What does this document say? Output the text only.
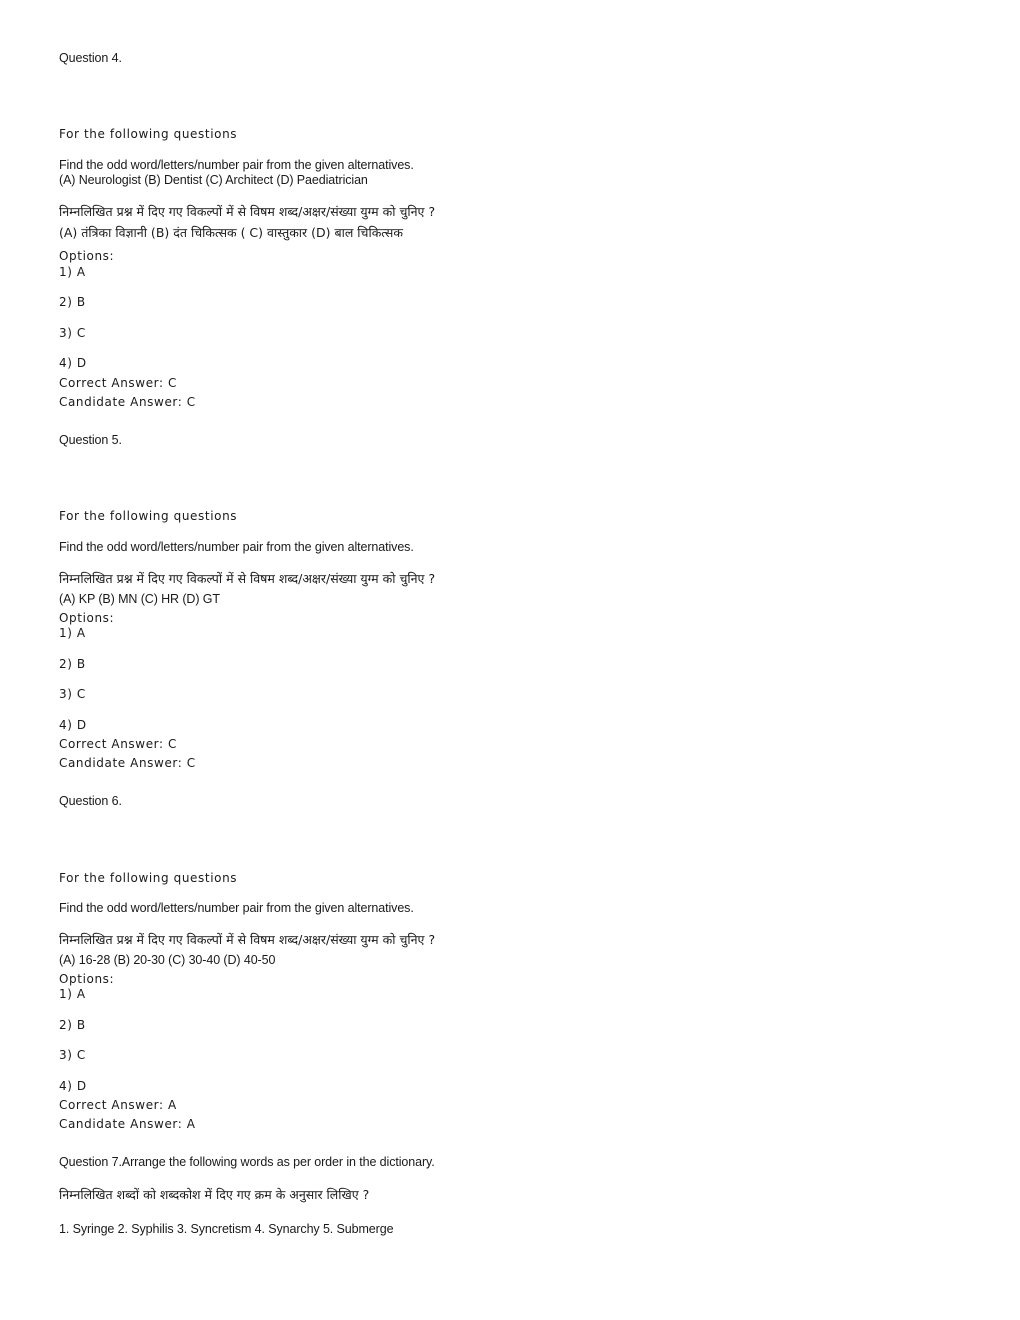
Question 4.
For the following questions
Find the odd word/letters/number pair from the given alternatives.
(A) Neurologist (B) Dentist (C) Architect (D) Paediatrician
निम्नलिखित प्रश्न में दिए गए विकल्पों में से विषम शब्द/अक्षर/संख्या युग्म को चुनिए ?
(A) तंत्रिका विज्ञानी (B) दंत चिकित्सक ( C) वास्तुकार (D) बाल चिकित्सक
Options:
1) A
2) B
3) C
4) D
Correct Answer: C
Candidate Answer: C
Question 5.
For the following questions
Find the odd word/letters/number pair from the given alternatives.
निम्नलिखित प्रश्न में दिए गए विकल्पों में से विषम शब्द/अक्षर/संख्या युग्म को चुनिए ?
(A) KP (B) MN (C) HR (D) GT
Options:
1) A
2) B
3) C
4) D
Correct Answer: C
Candidate Answer: C
Question 6.
For the following questions
Find the odd word/letters/number pair from the given alternatives.
निम्नलिखित प्रश्न में दिए गए विकल्पों में से विषम शब्द/अक्षर/संख्या युग्म को चुनिए ?
(A) 16-28 (B) 20-30 (C) 30-40 (D) 40-50
Options:
1) A
2) B
3) C
4) D
Correct Answer: A
Candidate Answer: A
Question 7.Arrange the following words as per order in the dictionary.
निम्नलिखित शब्दों को शब्दकोश में दिए गए क्रम के अनुसार लिखिए ?
1. Syringe 2. Syphilis 3. Syncretism 4. Synarchy 5. Submerge
